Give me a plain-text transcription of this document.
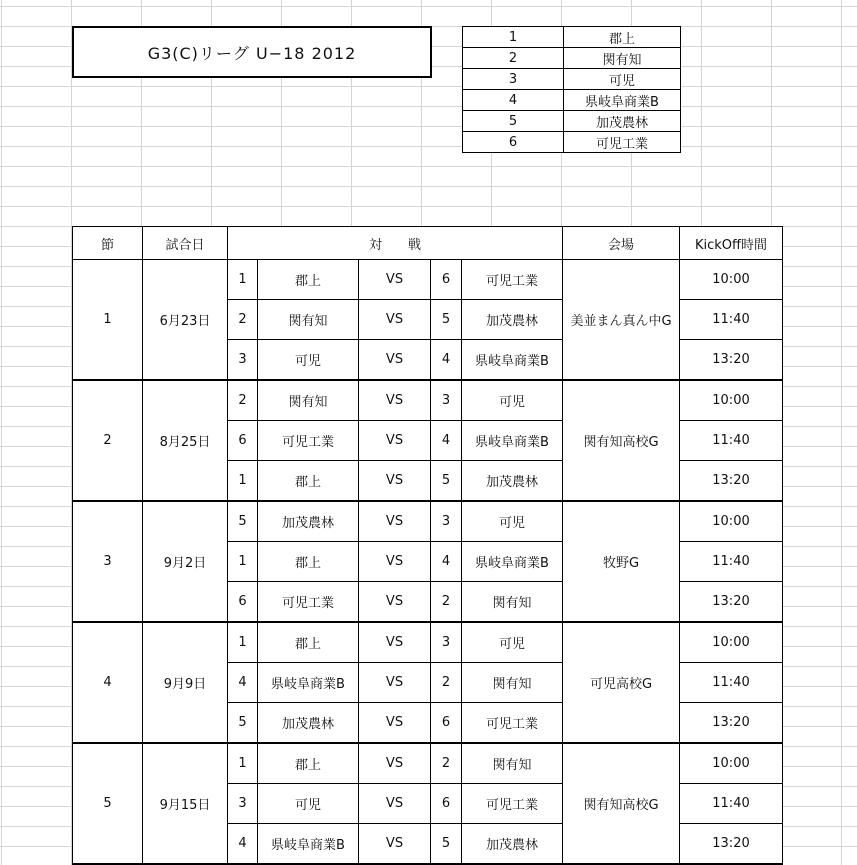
G3(C)リーグ U−18 2012
1	郡上
2	関有知
3	可児
4	県岐阜商業B
5	加茂農林
6	可児工業
節	試合日	対　　戦					会場	KickOff時間
1	6月23日	1	郡上	VS	6	可児工業	美並まん真ん中G	10:00
		2	関有知	VS	5	加茂農林		11:40
		3	可児	VS	4	県岐阜商業B		13:20
2	8月25日	2	関有知	VS	3	可児	関有知高校G	10:00
		6	可児工業	VS	4	県岐阜商業B		11:40
		1	郡上	VS	5	加茂農林		13:20
3	9月2日	5	加茂農林	VS	3	可児	牧野G	10:00
		1	郡上	VS	4	県岐阜商業B		11:40
		6	可児工業	VS	2	関有知		13:20
4	9月9日	1	郡上	VS	3	可児	可児高校G	10:00
		4	県岐阜商業B	VS	2	関有知		11:40
		5	加茂農林	VS	6	可児工業		13:20
5	9月15日	1	郡上	VS	2	関有知	関有知高校G	10:00
		3	可児	VS	6	可児工業		11:40
		4	県岐阜商業B	VS	5	加茂農林		13:20
